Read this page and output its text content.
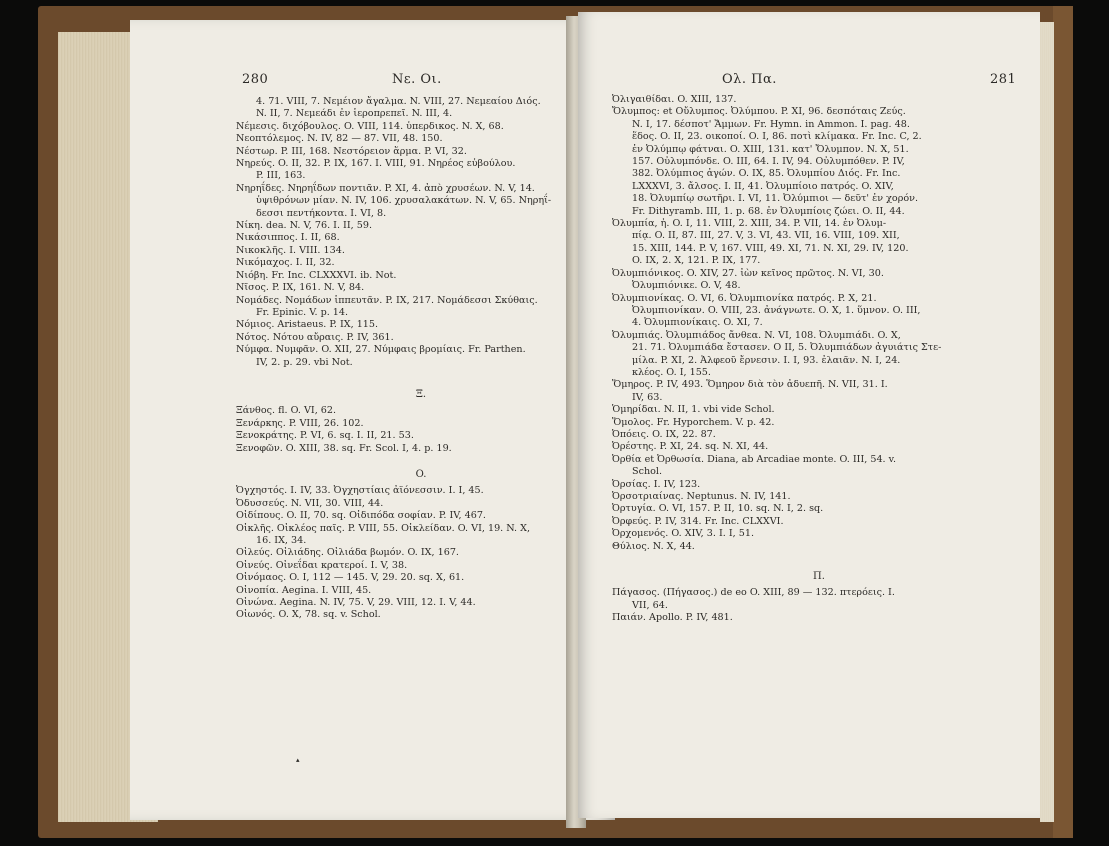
280	Νε. Οι.
4. 71. VIII, 7. Νεμέιον ἄγαλμα. N. VIII, 27. Νεμεαίου Διός.
N. II, 7. Νεμεάδι ἐν ἱεροπρεπεῖ. N. III, 4.
Νέμεσις. διχόβουλος. O. VIII, 114. ὑπερδικος. N. X, 68.
Νεοπτόλεμος. N. IV, 82 — 87. VII, 48. 150.
Νέστωρ. P. III, 168. Νεστόρειον ἅρμα. P. VI, 32.
Νηρεύς. O. II, 32. P. IX, 167. I. VIII, 91. Νηρέος εὐβούλου.
P. III, 163.
Νηρηΐδες. Νηρηΐδων ποντιᾶν. P. XI, 4. ἀπὸ χρυσέων. N. V, 14.
ὑψιθρόνων μίαν. N. IV, 106. χρυσαλακάτων. N. V, 65. Νηρηΐ-
δεσσι πεντήκοντα. I. VI, 8.
Νίκη. dea. N. V, 76. I. II, 59.
Νικάσιππος. I. II, 68.
Νικοκλῆς. I. VIII. 134.
Νικόμαχος. I. II, 32.
Νιόβη. Fr. Inc. CLXXXVI. ib. Not.
Νῖσος. P. IX, 161. N. V, 84.
Νομάδες. Νομάδων ἱππευτᾶν. P. IX, 217. Νομάδεσσι Σκύθαις.
Fr. Epinic. V. p. 14.
Νόμιος. Aristaeus. P. IX, 115.
Νότος. Νότου αὔραις. P. IV, 361.
Νύμφα. Νυμφᾶν. O. XII, 27. Νύμφαις βρομίαις. Fr. Parthen.
IV, 2. p. 29. vbi Not.
Ξ.
Ξάνθος. fl. O. VI, 62.
Ξενάρκης. P. VIII, 26. 102.
Ξενοκράτης. P. VI, 6. sq. I. II, 21. 53.
Ξενοφῶν. O. XIII, 38. sq. Fr. Scol. I, 4. p. 19.
O.
Ὀγχηστός. I. IV, 33. Ὀγχηστίαις ἀϊόνεσσιν. I. I, 45.
Ὀδυσσεύς. N. VII, 30. VIII, 44.
Οἰδίπους. O. II, 70. sq. Οἰδιπόδα σοφίαν. P. IV, 467.
Οἰκλῆς. Οἰκλέος παῖς. P. VIII, 55. Οἰκλείδαν. O. VI, 19. N. X,
16. IX, 34.
Οἰλεύς. Οἰλιάδης. Οἰλιάδα βωμόν. O. IX, 167.
Οἰνεύς. Οἰνεΐδαι κρατεροί. I. V, 38.
Οἰνόμαος. O. I, 112 — 145. V, 29. 20. sq. X, 61.
Οἰνοπία. Aegina. I. VIII, 45.
Οἰνώνα. Aegina. N. IV, 75. V, 29. VIII, 12. I. V, 44.
Οἰωνός. O. X, 78. sq. v. Schol.
▴
Ολ. Πα.	281
Ὀλιγαιθίδαι. O. XIII, 137.
Ὄλυμπος: et Οὔλυμπος. Ὀλύμπου. P. XI, 96. δεσπόταις Ζεύς.
N. I, 17. δέσποτ' Ἄμμων. Fr. Hymn. in Ammon. I. pag. 48.
ἕδος. O. II, 23. οικοποί. O. I, 86. ποτὶ κλίμακα. Fr. Inc. C, 2.
ἐν Ὀλύμπῳ φάτναι. O. XIII, 131. κατ' Ὄλυμπον. N. X, 51.
157. Οὐλυμπόνδε. O. III, 64. I. IV, 94. Οὐλυμπόθεν. P. IV,
382. Ὀλύμπιος ἀγών. O. IX, 85. Ὀλυμπίου Διός. Fr. Inc.
LXXXVI, 3. ἄλσος. I. II, 41. Ὀλυμπίοιο πατρός. O. XIV,
18. Ὀλυμπίῳ σωτῆρι. I. VI, 11. Ὀλύμπιοι — δεῦτ' ἐν χορόν.
Fr. Dithyramb. III, 1. p. 68. ἐν Ὀλυμπίοις ζώει. O. II, 44.
Ὀλυμπία, ἡ. O. I, 11. VIII, 2. XIII, 34. P. VII, 14. ἐν Ὀλυμ-
πίᾳ. O. II, 87. III, 27. V, 3. VI, 43. VII, 16. VIII, 109. XII,
15. XIII, 144. P. V, 167. VIII, 49. XI, 71. N. XI, 29. IV, 120.
O. IX, 2. X, 121. P. IX, 177.
Ὀλυμπιόνικος. O. XIV, 27. ἰὼν κεῖνος πρῶτος. N. VI, 30.
Ὀλυμπιόνικε. O. V, 48.
Ὀλυμπιονίκας. O. VI, 6. Ὀλυμπιονίκα πατρός. P. X, 21.
Ὀλυμπιονίκαν. O. VIII, 23. ἀνάγνωτε. O. X, 1. ὕμνον. O. III,
4. Ὀλυμπιονίκαις. O. XI, 7.
Ὀλυμπιάς. Ὀλυμπιάδος ἄνθεα. N. VI, 108. Ὀλυμπιάδι. O. X,
21. 71. Ὀλυμπιάδα ἔστασεν. O II, 5. Ὀλυμπιάδων ἀγυιάτις Στε-
μίλα. P. XI, 2. Ἀλφεοῦ ἔρνεσιν. I. I, 93. ἐλαιᾶν. N. I, 24.
κλέος. O. I, 155.
Ὅμηρος. P. IV, 493. Ὅμηρον διὰ τὸν ἀδυεπῆ. N. VII, 31. I.
IV, 63.
Ὁμηρίδαι. N. II, 1. vbi vide Schol.
Ὅμολος. Fr. Hyporchem. V. p. 42.
Ὀπόεις. O. IX, 22. 87.
Ὀρέστης. P. XI, 24. sq. N. XI, 44.
Ὀρθία et Ὀρθωσία. Diana, ab Arcadiae monte. O. III, 54. v.
Schol.
Ὀρσίας. I. IV, 123.
Ὀρσοτριαίνας. Neptunus. N. IV, 141.
Ὀρτυγία. O. VI, 157. P. II, 10. sq. N. I, 2. sq.
Ὀρφεύς. P. IV, 314. Fr. Inc. CLXXVI.
Ὀρχομενός. O. XIV, 3. I. I, 51.
Θύλιος. N. X, 44.
Π.
Πάγασος. (Πήγασος.) de eo O. XIII, 89 — 132. πτερόεις. I.
VII, 64.
Παιάν. Apollo. P. IV, 481.
